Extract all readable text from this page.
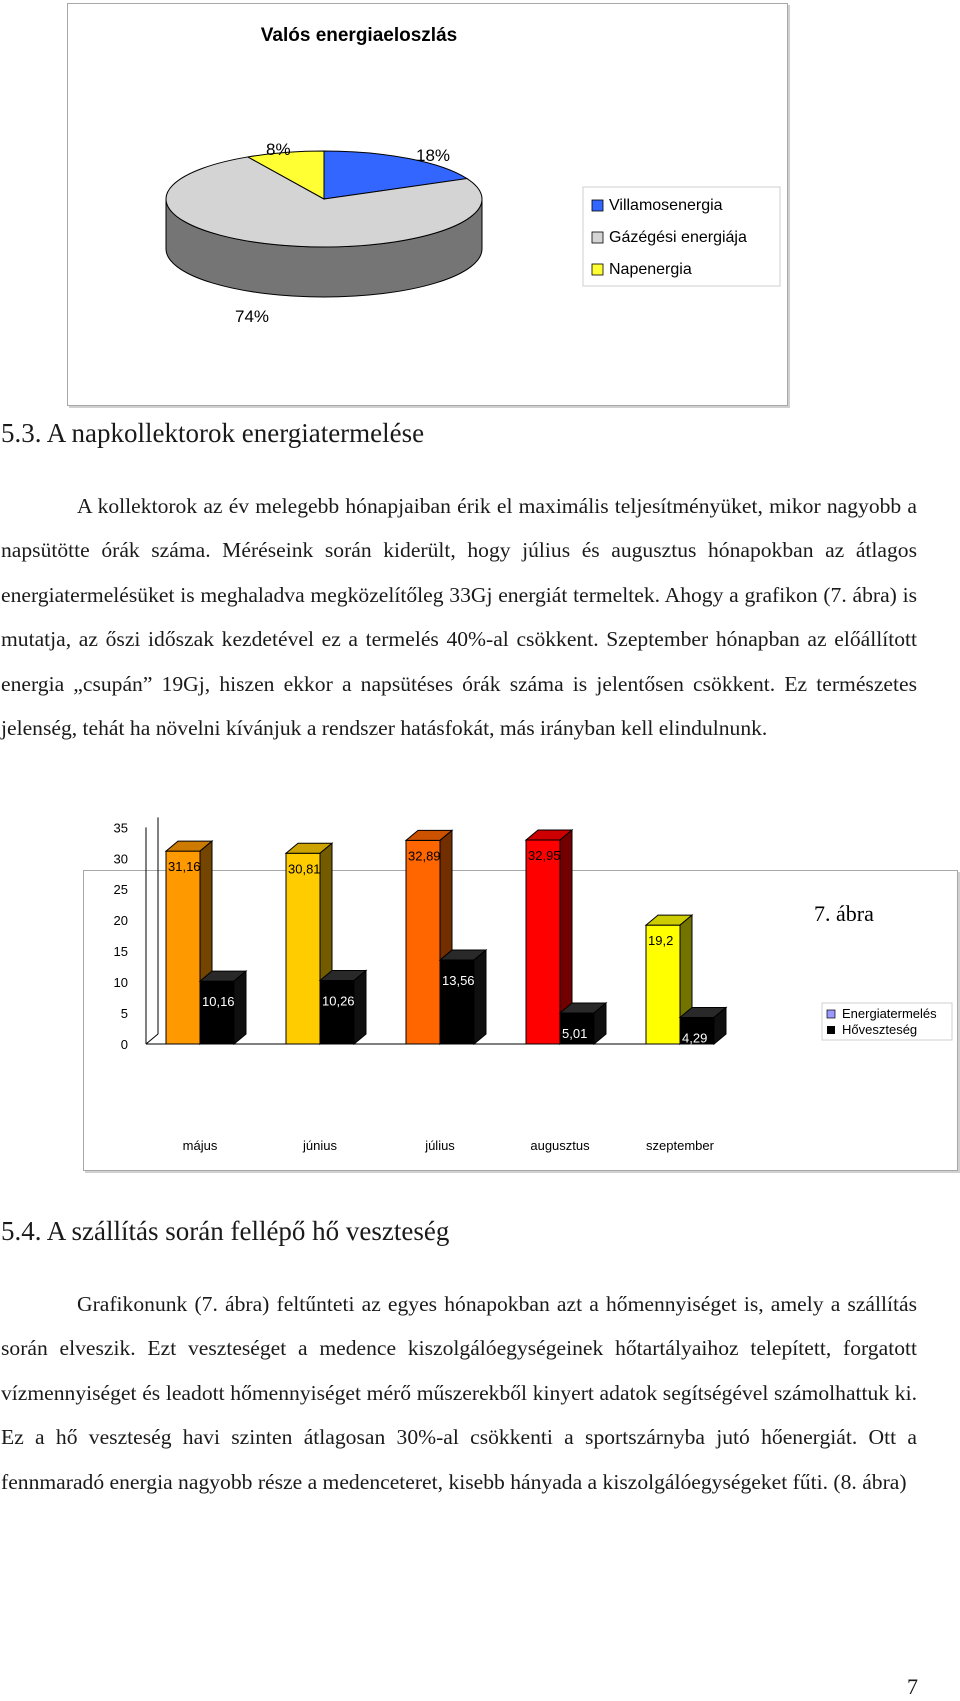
Valós energiaeloszlás
8%	18%
74%
Villamosenergia
Gázégési energiája
Napenergia
5.3. A napkollektorok energiatermelése

A kollektorok az év melegebb hónapjaiban érik el maximális teljesítményüket, mikor nagyobb a napsütötte órák száma. Méréseink során kiderült, hogy július és augusztus hónapokban az átlagos energiatermelésüket is meghaladva megközelítőleg 33Gj energiát termeltek. Ahogy a grafikon (7. ábra) is mutatja, az őszi időszak kezdetével ez a termelés 40%-al csökkent. Szeptember hónapban az előállított energia „csupán” 19Gj, hiszen ekkor a napsütéses órák száma is jelentősen csökkent. Ez természetes jelenség, tehát ha növelni kívánjuk a rendszer hatásfokát, más irányban kell elindulnunk.

0
5
10
15
20
25
30
35
31,16
10,16
30,81
10,26
32,89
13,56
32,95
5,01
19,2
4,29
május	június	július	augusztus	szeptember
7. ábra
Energiatermelés
Hőveszteség
5.4. A szállítás során fellépő hő veszteség

Grafikonunk (7. ábra) feltűnteti az egyes hónapokban azt a hőmennyiséget is, amely a szállítás során elveszik. Ezt veszteséget a medence kiszolgálóegységeinek hőtartályaihoz telepített, forgatott vízmennyiséget és leadott hőmennyiséget mérő műszerekből kinyert adatok segítségével számolhattuk ki. Ez a hő veszteség havi szinten átlagosan 30%-al csökkenti a sportszárnyba jutó hőenergiát. Ott a fennmaradó energia nagyobb része a medenceteret, kisebb hányada a kiszolgálóegységeket fűti. (8. ábra)

7
